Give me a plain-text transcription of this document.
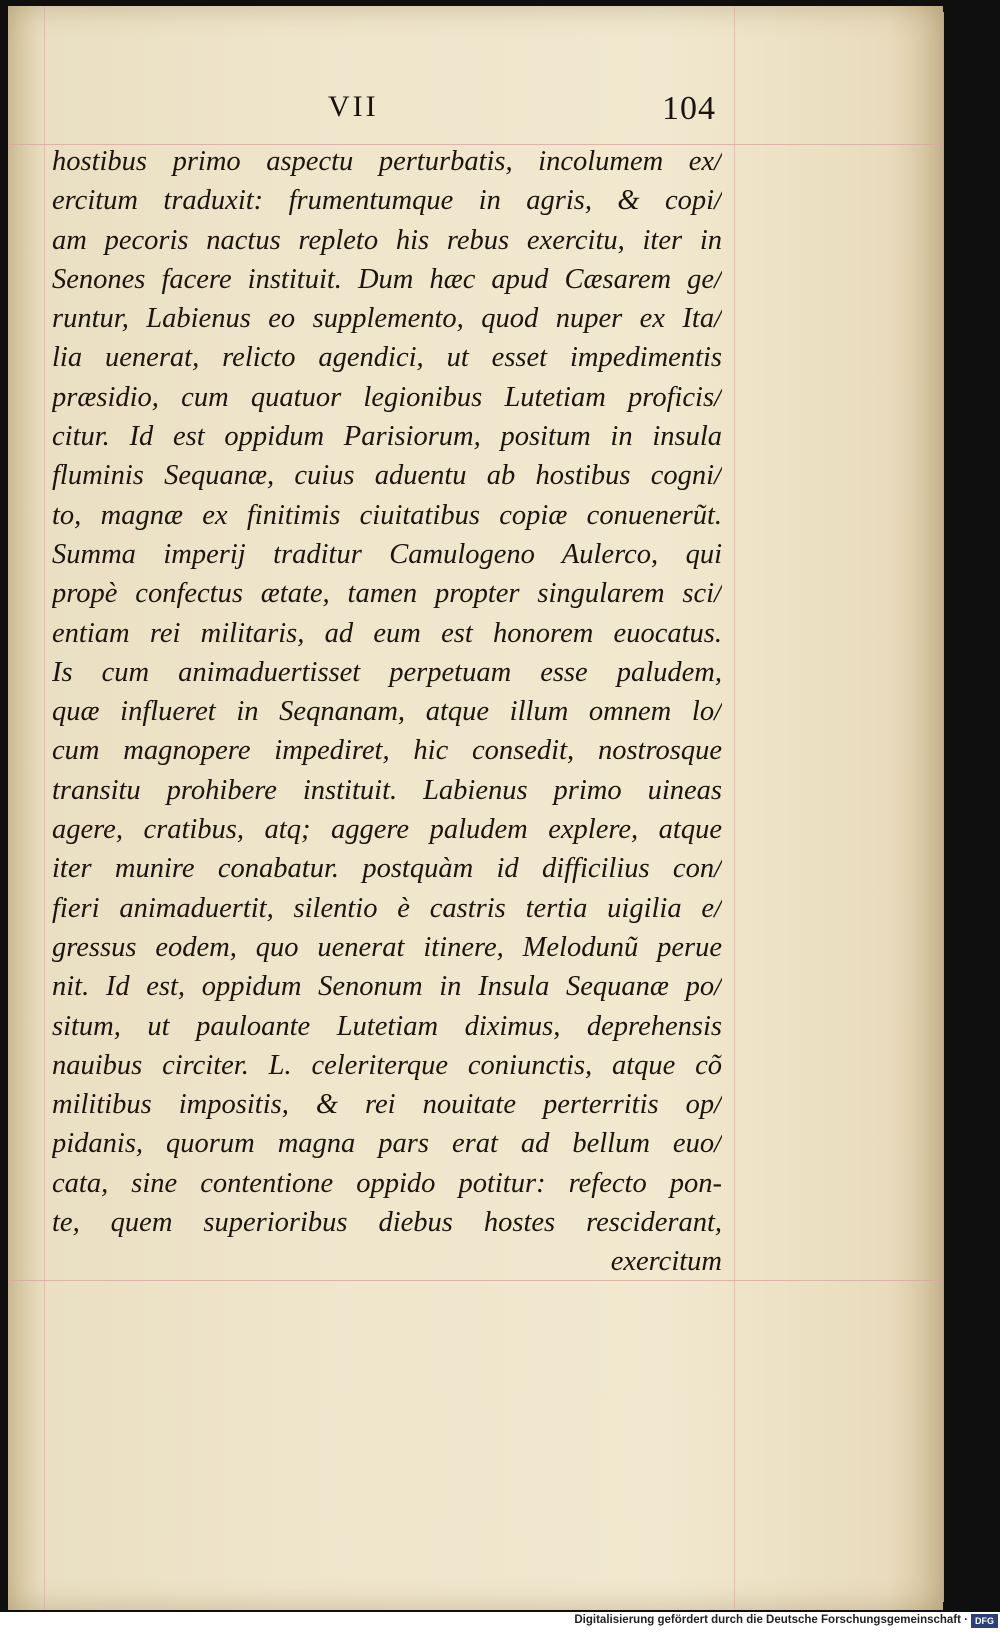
VII	104
hostibus primo aspectu perturbatis, incolumem ex/
ercitum traduxit: frumentumque in agris, & copi/
am pecoris nactus repleto his rebus exercitu, iter in
Senones facere instituit. Dum hæc apud Cæsarem ge/
runtur, Labienus eo supplemento, quod nuper ex Ita/
lia uenerat, relicto agendici, ut esset impedimentis
præsidio, cum quatuor legionibus Lutetiam proficis/
citur. Id est oppidum Parisiorum, positum in insula
fluminis Sequanæ, cuius aduentu ab hostibus cogni/
to, magnæ ex finitimis ciuitatibus copiæ conuenerũt.
Summa imperij traditur Camulogeno Aulerco, qui
propè confectus ætate, tamen propter singularem sci/
entiam rei militaris, ad eum est honorem euocatus.
Is cum animaduertisset perpetuam esse paludem,
quæ influeret in Seqnanam, atque illum omnem lo/
cum magnopere impediret, hic consedit, nostrosque
transitu prohibere instituit. Labienus primo uineas
agere, cratibus, atq; aggere paludem explere, atque
iter munire conabatur. postquàm id difficilius con/
fieri animaduertit, silentio è castris tertia uigilia e/
gressus eodem, quo uenerat itinere, Melodunũ perue
nit. Id est, oppidum Senonum in Insula Sequanæ po/
situm, ut pauloante Lutetiam diximus, deprehensis
nauibus circiter. L. celeriterque coniunctis, atque cõ
militibus impositis, & rei nouitate perterritis op/
pidanis, quorum magna pars erat ad bellum euo/
cata, sine contentione oppido potitur: refecto pon-
te, quem superioribus diebus hostes resciderant,
exercitum
Digitalisierung gefördert durch die Deutsche Forschungsgemeinschaft · DFG
